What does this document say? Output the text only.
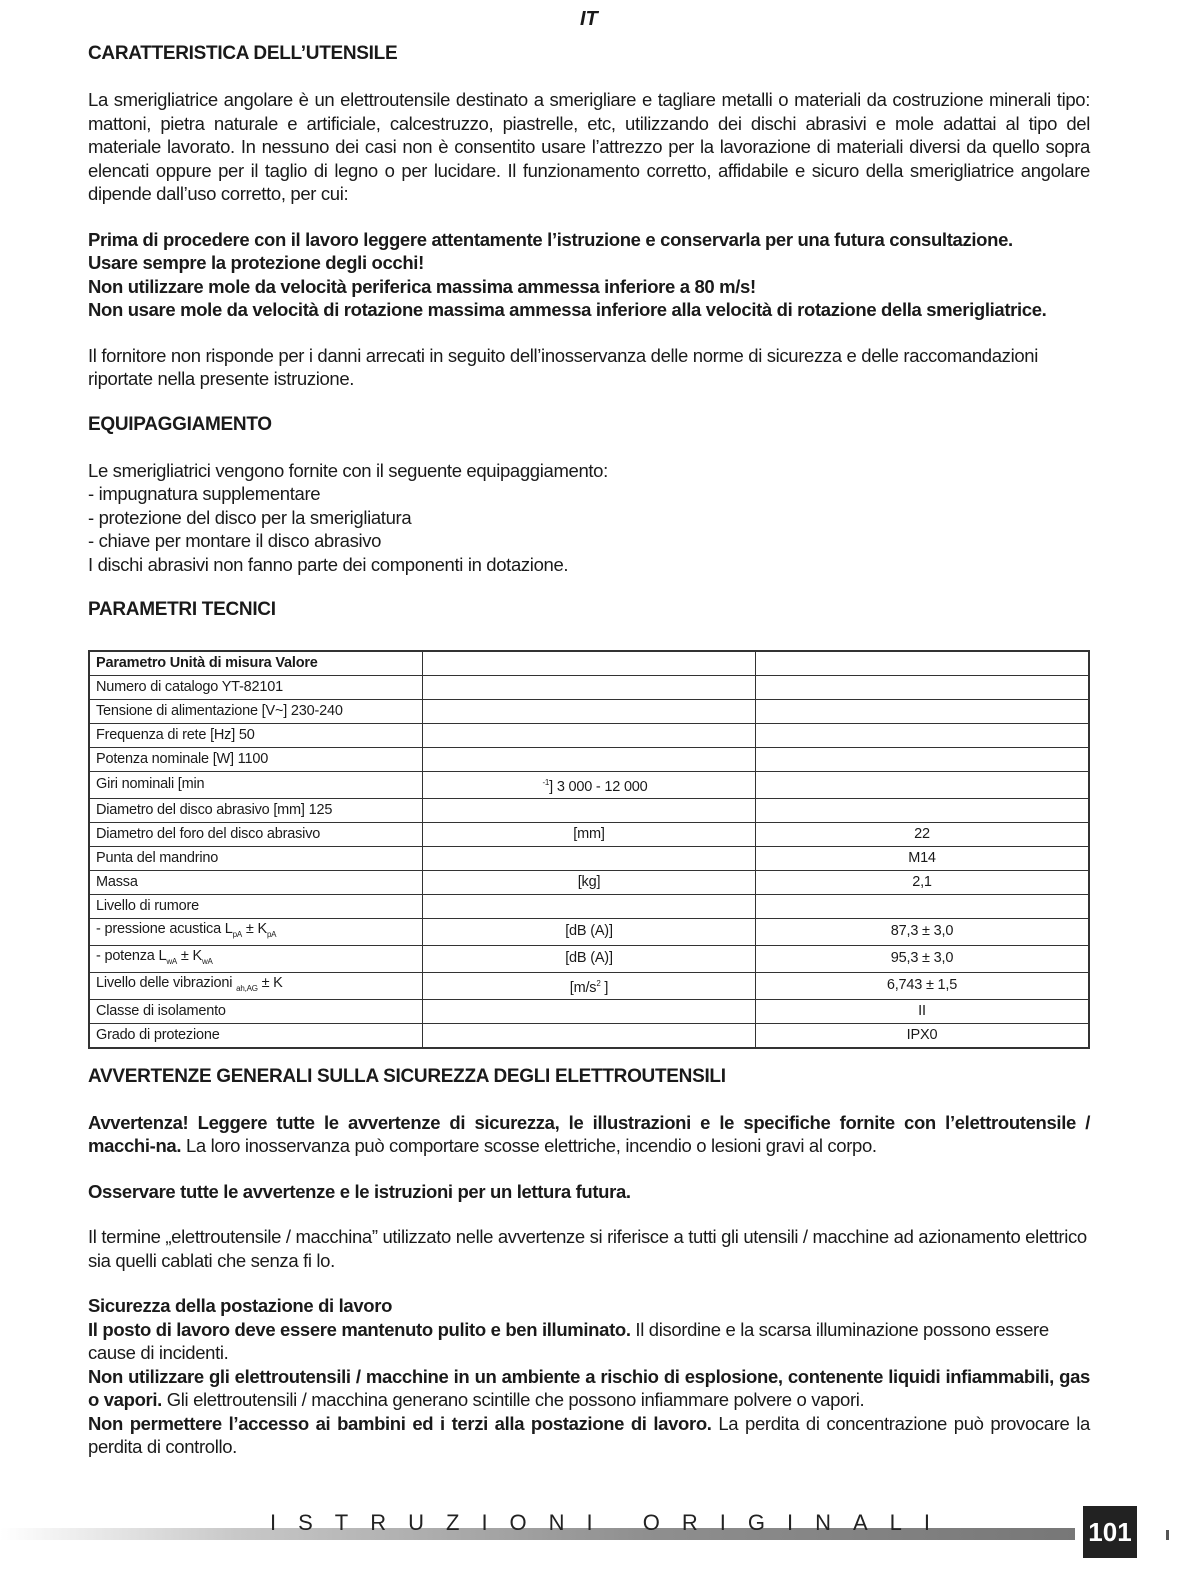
IT
CARATTERISTICA DELL’UTENSILE

La smerigliatrice angolare è un elettroutensile destinato a smerigliare e tagliare metalli o materiali da costruzione minerali tipo: mattoni, pietra naturale e artificiale, calcestruzzo, piastrelle, etc, utilizzando dei dischi abrasivi e mole adattai al tipo del materiale lavorato. In nessuno dei casi non è consentito usare l’attrezzo per la lavorazione di materiali diversi da quello sopra elencati oppure per il taglio di legno o per lucidare. Il funzionamento corretto, affidabile e sicuro della smerigliatrice angolare dipende dall’uso corretto, per cui:

Prima di procedere con il lavoro leggere attentamente l’istruzione e conservarla per una futura consultazione.

Usare sempre la protezione degli occhi!

Non utilizzare mole da velocità periferica massima ammessa inferiore a 80 m/s!

Non usare mole da velocità di rotazione massima ammessa inferiore alla velocità di rotazione della smerigliatrice.

Il fornitore non risponde per i danni arrecati in seguito dell’inosservanza delle norme di sicurezza e delle raccomandazioni riportate nella presente istruzione.

EQUIPAGGIAMENTO

Le smerigliatrici vengono fornite con il seguente equipaggiamento:

- impugnatura supplementare

- protezione del disco per la smerigliatura

- chiave per montare il disco abrasivo

I dischi abrasivi non fanno parte dei componenti in dotazione.

PARAMETRI TECNICI
Parametro Unità di misura Valore		
Numero di catalogo YT-82101		
Tensione di alimentazione [V~] 230-240		
Frequenza di rete [Hz] 50		
Potenza nominale [W] 1100		
Giri nominali [min	$^{-1}$] 3 000 - 12 000	
Diametro del disco abrasivo [mm] 125		
Diametro del foro del disco abrasivo	[mm]	22
Punta del mandrino		M14
Massa	[kg]	2,1
Livello di rumore		
- pressione acustica $L_{pA} \pm K_{pA}$	[dB (A)]	87,3 ± 3,0
- potenza $L_{wA} \pm K_{wA}$	[dB (A)]	95,3 ± 3,0
Livello delle vibrazioni $_{ah,AG}$ ± K	[$m/s^2$ ]	6,743 ± 1,5
Classe di isolamento		II
Grado di protezione		IPX0
AVVERTENZE GENERALI SULLA SICUREZZA DEGLI ELETTROUTENSILI

Avvertenza! Leggere tutte le avvertenze di sicurezza, le illustrazioni e le specifiche fornite con l’elettroutensile / macchi-na. La loro inosservanza può comportare scosse elettriche, incendio o lesioni gravi al corpo.

Osservare tutte le avvertenze e le istruzioni per un lettura futura.

Il termine „elettroutensile / macchina” utilizzato nelle avvertenze si riferisce a tutti gli utensili / macchine ad azionamento elettrico sia quelli cablati che senza fi lo.

Sicurezza della postazione di lavoro

Il posto di lavoro deve essere mantenuto pulito e ben illuminato. Il disordine e la scarsa illuminazione possono essere cause di incidenti.

Non utilizzare gli elettroutensili / macchine in un ambiente a rischio di esplosione, contenente liquidi infiammabili, gas o vapori. Gli elettroutensili / macchina generano scintille che possono infiammare polvere o vapori.

Non permettere l’accesso ai bambini ed i terzi alla postazione di lavoro. La perdita di concentrazione può provocare la perdita di controllo.

ISTRUZIONI ORIGINALI	101
